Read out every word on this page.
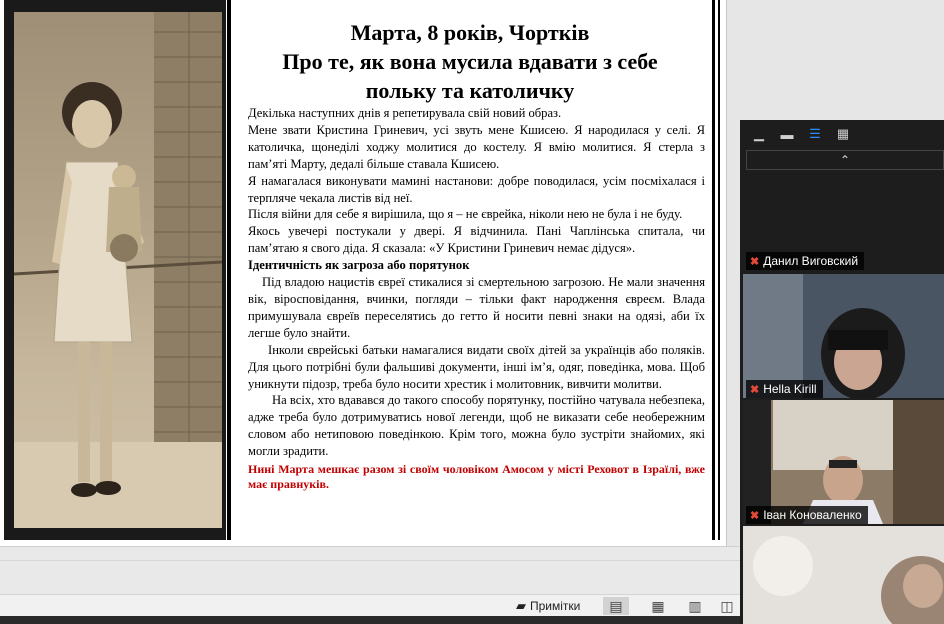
Марта, 8 років, Чортків
Про те, як вона мусила вдавати з себе
польку та католичку

Декілька наступних днів я репетирувала свій новий образ.

Мене звати Кристина Гриневич, усі звуть мене Кшисею. Я народилася у селі. Я католичка, щонеділі ходжу молитися до костелу. Я вмію молитися. Я стерла з пам’яті Марту, дедалі більше ставала Кшисею.

Я намагалася виконувати мамині настанови: добре поводилася, усім посміхалася і терпляче чекала листів від неї.

Після війни для себе я вирішила, що я – не єврейка, ніколи нею не була і не буду.

Якось увечері постукали у двері. Я відчинила. Пані Чаплінська спитала, чи пам’ятаю я свого діда. Я сказала: «У Кристини Гриневич немає дідуся».

Ідентичність як загроза або порятунок

Під владою нацистів євреї стикалися зі смертельною загрозою. Не мали значення вік, віросповідання, вчинки, погляди – тільки факт народження євреєм. Влада примушувала євреїв переселятись до гетто й носити певні знаки на одязі, аби їх легше було знайти.

Інколи єврейські батьки намагалися видати своїх дітей за українців або поляків. Для цього потрібні були фальшиві документи, інші ім’я, одяг, поведінка, мова. Щоб уникнути підозр, треба було носити хрестик і молитовник, вивчити молитви.

На всіх, хто вдавався до такого способу порятунку, постійно чатувала небезпека, адже треба було дотримуватись нової легенди, щоб не виказати себе необережним словом або нетиповою поведінкою. Крім того, можна було зустріти знайомих, які могли зрадити.

Нині Марта мешкає разом зі своїм чоловіком Амосом у місті Реховот в Ізраїлі, вже має правнуків.

▰ Примітки	▤	▦	▥	◫
▁	▬ ☰ ▦
⌃
✖ Данил Виговский
✖ Hella Kirill
✖ Іван Коноваленко
